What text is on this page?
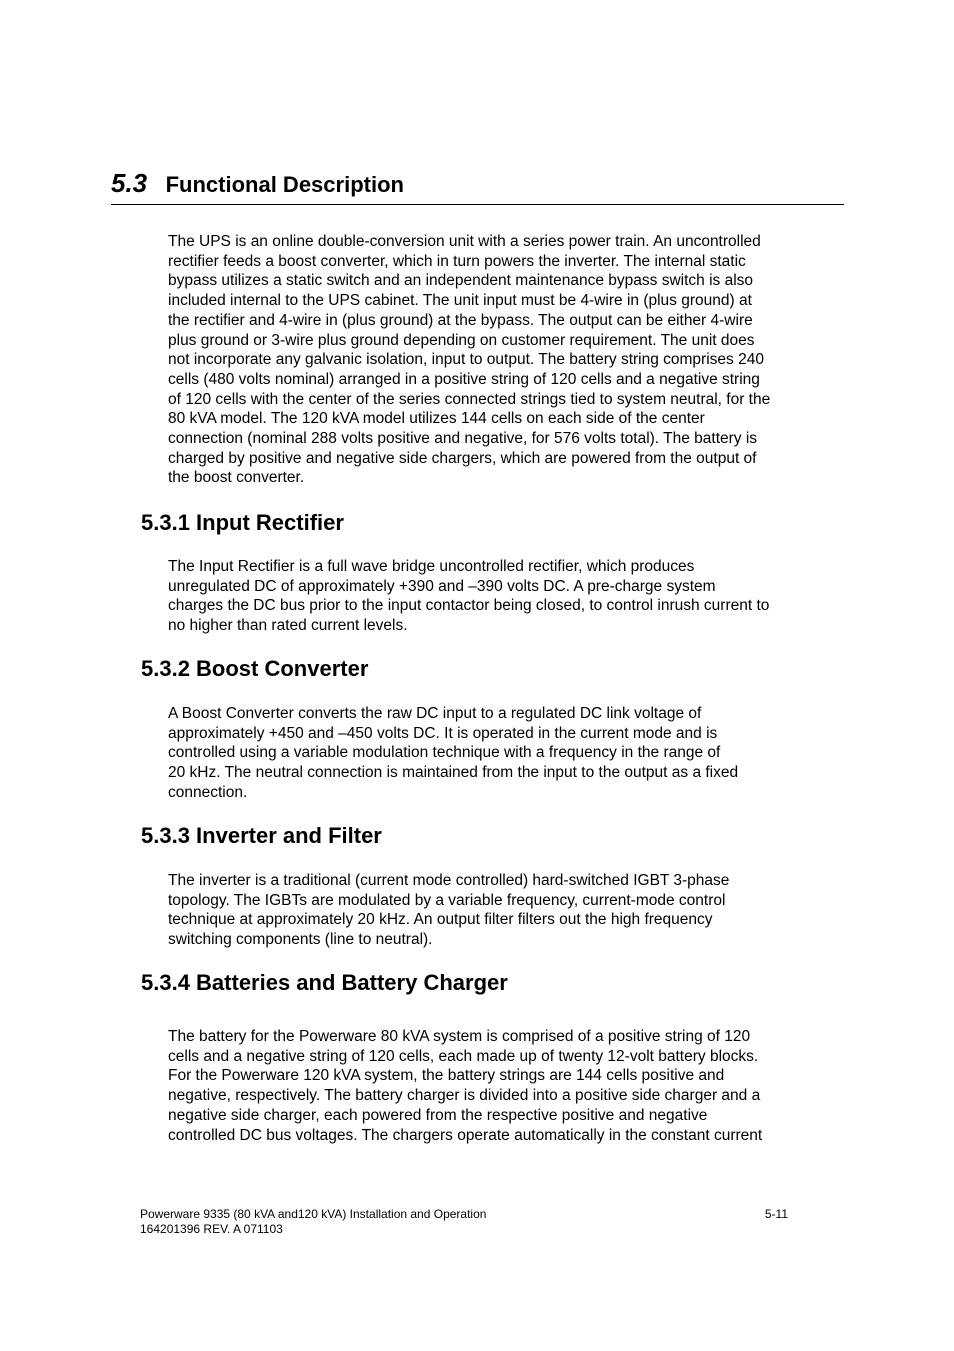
5.3 Functional Description

The UPS is an online double-conversion unit with a series power train. An uncontrolled
rectifier feeds a boost converter, which in turn powers the inverter. The internal static
bypass utilizes a static switch and an independent maintenance bypass switch is also
included internal to the UPS cabinet. The unit input must be 4-wire in (plus ground) at
the rectifier and 4-wire in (plus ground) at the bypass. The output can be either 4-wire
plus ground or 3-wire plus ground depending on customer requirement. The unit does
not incorporate any galvanic isolation, input to output. The battery string comprises 240
cells (480 volts nominal) arranged in a positive string of 120 cells and a negative string
of 120 cells with the center of the series connected strings tied to system neutral, for the
80 kVA model. The 120 kVA model utilizes 144 cells on each side of the center
connection (nominal 288 volts positive and negative, for 576 volts total). The battery is
charged by positive and negative side chargers, which are powered from the output of
the boost converter.

5.3.1 Input Rectifier

The Input Rectifier is a full wave bridge uncontrolled rectifier, which produces
unregulated DC of approximately +390 and –390 volts DC. A pre-charge system
charges the DC bus prior to the input contactor being closed, to control inrush current to
no higher than rated current levels.

5.3.2 Boost Converter

A Boost Converter converts the raw DC input to a regulated DC link voltage of
approximately +450 and –450 volts DC. It is operated in the current mode and is
controlled using a variable modulation technique with a frequency in the range of
20 kHz. The neutral connection is maintained from the input to the output as a fixed
connection.

5.3.3 Inverter and Filter

The inverter is a traditional (current mode controlled) hard-switched IGBT 3-phase
topology. The IGBTs are modulated by a variable frequency, current-mode control
technique at approximately 20 kHz. An output filter filters out the high frequency
switching components (line to neutral).

5.3.4 Batteries and Battery Charger

The battery for the Powerware 80 kVA system is comprised of a positive string of 120
cells and a negative string of 120 cells, each made up of twenty 12-volt battery blocks.
For the Powerware 120 kVA system, the battery strings are 144 cells positive and
negative, respectively. The battery charger is divided into a positive side charger and a
negative side charger, each powered from the respective positive and negative
controlled DC bus voltages. The chargers operate automatically in the constant current

Powerware 9335 (80 kVA and120 kVA) Installation and Operation	5-11
164201396 REV. A 071103
